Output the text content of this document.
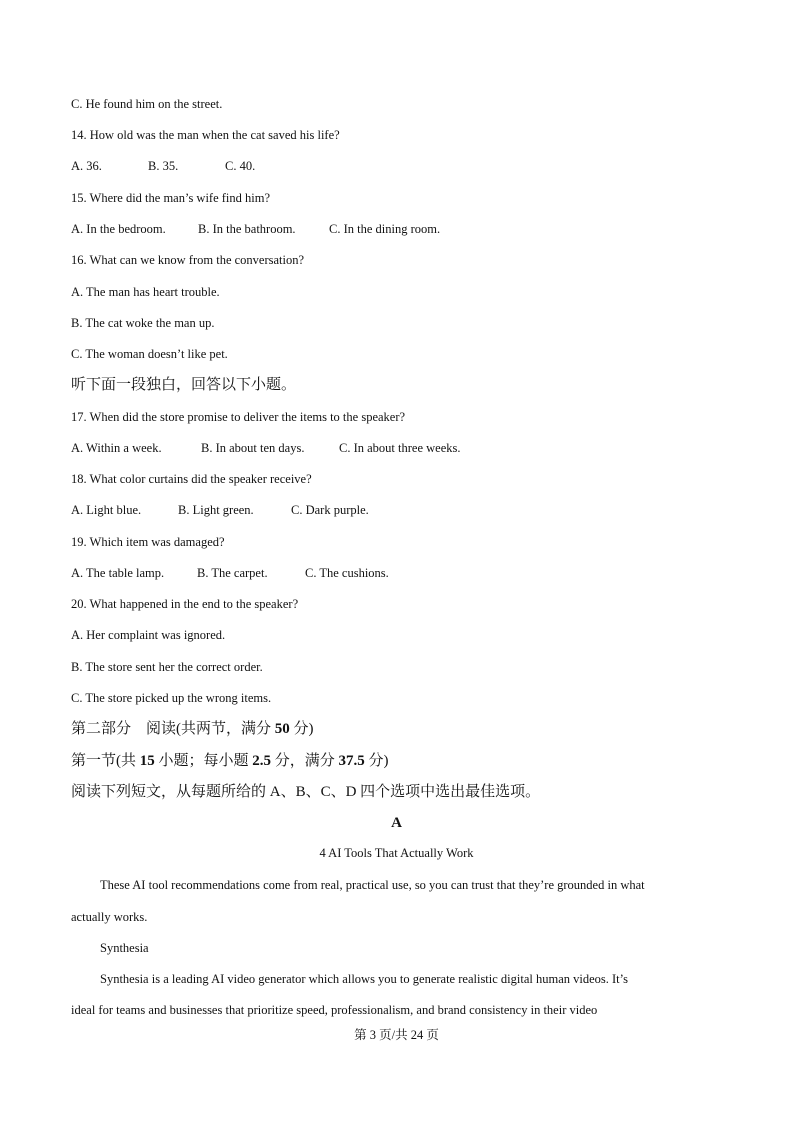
C. He found him on the street.
14. How old was the man when the cat saved his life?
A. 36.	B. 35.	C. 40.
15. Where did the man’s wife find him?
A. In the bedroom.	B. In the bathroom.	C. In the dining room.
16. What can we know from the conversation?
A. The man has heart trouble.
B. The cat woke the man up.
C. The woman doesn’t like pet.
听下面一段独白，回答以下小题。
17. When did the store promise to deliver the items to the speaker?
A. Within a week.	B. In about ten days.	C. In about three weeks.
18. What color curtains did the speaker receive?
A. Light blue.	B. Light green.	C. Dark purple.
19. Which item was damaged?
A. The table lamp.	B. The carpet.	C. The cushions.
20. What happened in the end to the speaker?
A. Her complaint was ignored.
B. The store sent her the correct order.
C. The store picked up the wrong items.
第二部分　阅读(共两节，满分 50 分)
第一节(共 15 小题；每小题 2.5 分，满分 37.5 分)
阅读下列短文，从每题所给的 A、B、C、D 四个选项中选出最佳选项。
A
4 AI Tools That Actually Work
These AI tool recommendations come from real, practical use, so you can trust that they’re grounded in what
actually works.
Synthesia
Synthesia is a leading AI video generator which allows you to generate realistic digital human videos. It’s
ideal for teams and businesses that prioritize speed, professionalism, and brand consistency in their video
第 3 页/共 24 页
